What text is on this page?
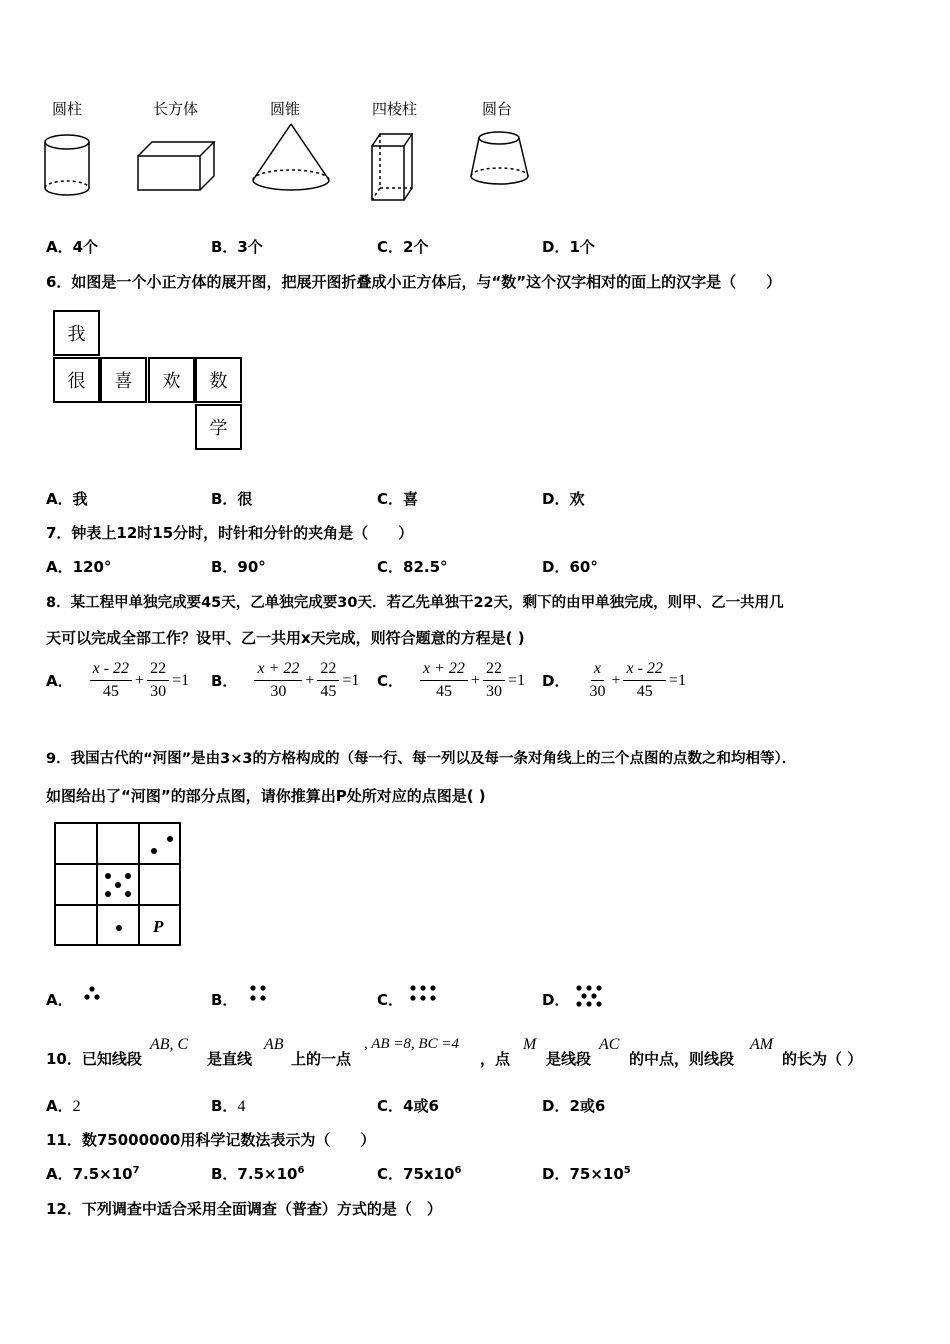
圆柱	长方体	圆锥	四棱柱	圆台
A．4个	B．3个	C．2个	D．1个
6．如图是一个小正方体的展开图，把展开图折叠成小正方体后，与“数”这个汉字相对的面上的汉字是（　　）
我
很	喜	欢	数
学
A．我	B．很	C．喜	D．欢
7．钟表上12时15分时，时针和分针的夹角是（　　）
A．120°	B．90°	C．82.5°	D．60°
8．某工程甲单独完成要45天，乙单独完成要30天．若乙先单独干22天，剩下的由甲单独完成，则甲、乙一共用几
天可以完成全部工作？设甲、乙一共用x天完成，则符合题意的方程是( )
A． $\frac{x - 22}{45} + \frac{22}{30} =1$ B． $\frac{x + 22}{30} + \frac{22}{45} =1$ C． $\frac{x + 22}{45} + \frac{22}{30} =1$ D． $\frac{x}{30} + \frac{x - 22}{45} =1$
9．我国古代的“河图”是由3×3的方格构成的（每一行、每一列以及每一条对角线上的三个点图的点数之和均相等）．
如图给出了“河图”的部分点图，请你推算出P处所对应的点图是( )
P
A．	B．	C．	D．
10．已知线段
AB, C
是直线
AB
上的一点
, AB =8, BC =4
，点
M
是线段
AC
的中点，则线段
AM
的长为（ ）
A．2	B．4	C．4或6	D．2或6
11．数75000000用科学记数法表示为（　　）
A．$7.5\times 10^7$	B．$7.5\times 10^6$	C．$75x10^6$	D．$75\times 10^5$
12．下列调查中适合采用全面调查（普查）方式的是（　）
